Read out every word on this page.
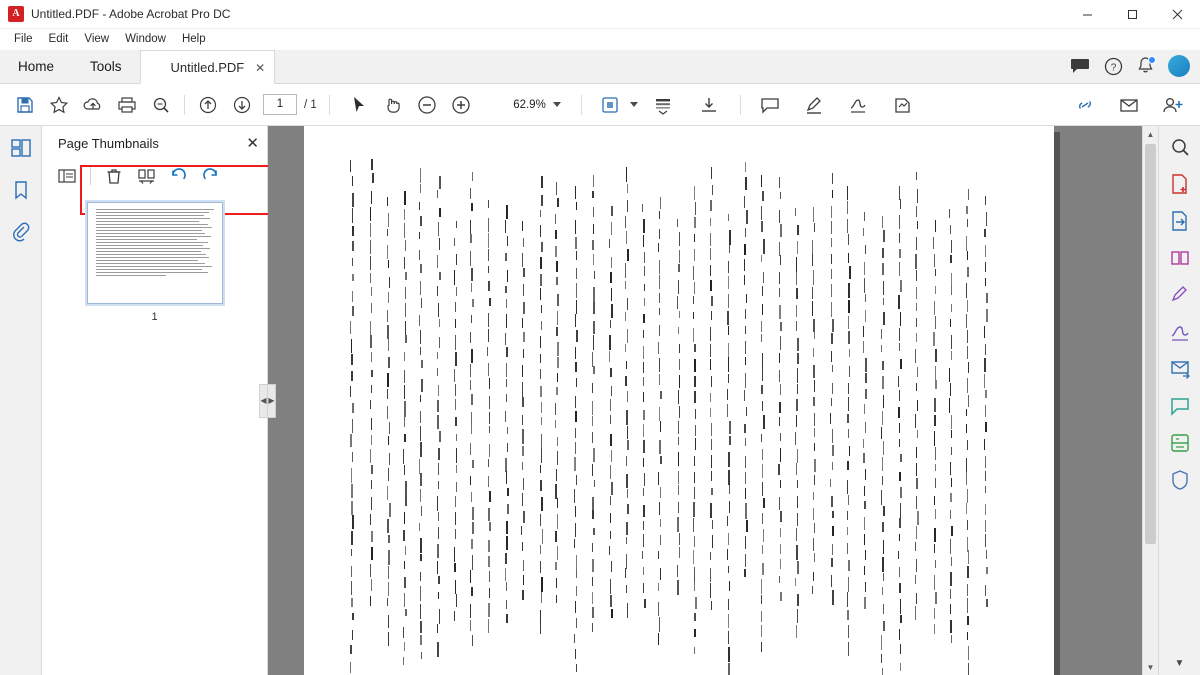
A Untitled.PDF - Adobe Acrobat Pro DC
File	Edit	View	Window	Help
Home	Tools	Untitled.PDF ✕	?
1	/ 1	62.9%
Page Thumbnails	✕
1
◀ ▶
▲
▼	▼
